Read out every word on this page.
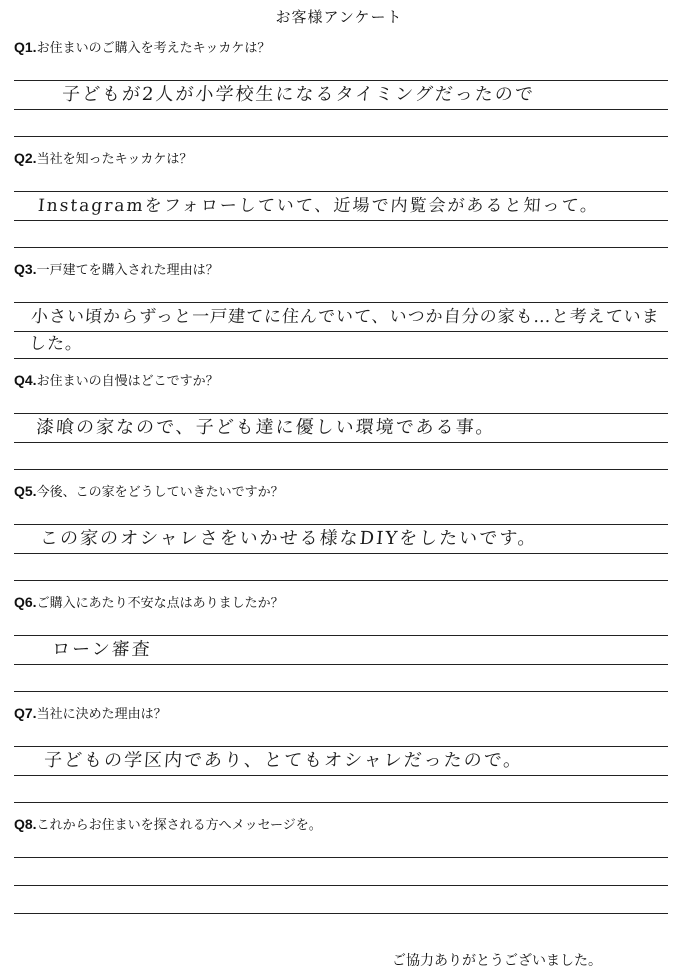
お客様アンケート
Q1.お住まいのご購入を考えたキッカケは？
子どもが2人が小学校生になるタイミングだったので
Q2.当社を知ったキッカケは？
Instagramをフォローしていて、近場で内覧会があると知って。
Q3.一戸建てを購入された理由は？
小さい頃からずっと一戸建てに住んでいて、いつか自分の家も…と考えていました。
Q4.お住まいの自慢はどこですか？
漆喰の家なので、子ども達に優しい環境である事。
Q5.今後、この家をどうしていきたいですか？
この家のオシャレさをいかせる様なDIYをしたいです。
Q6.ご購入にあたり不安な点はありましたか？
ローン審査
Q7.当社に決めた理由は？
子どもの学区内であり、とてもオシャレだったので。
Q8.これからお住まいを探される方へメッセージを。
ご協力ありがとうございました。
